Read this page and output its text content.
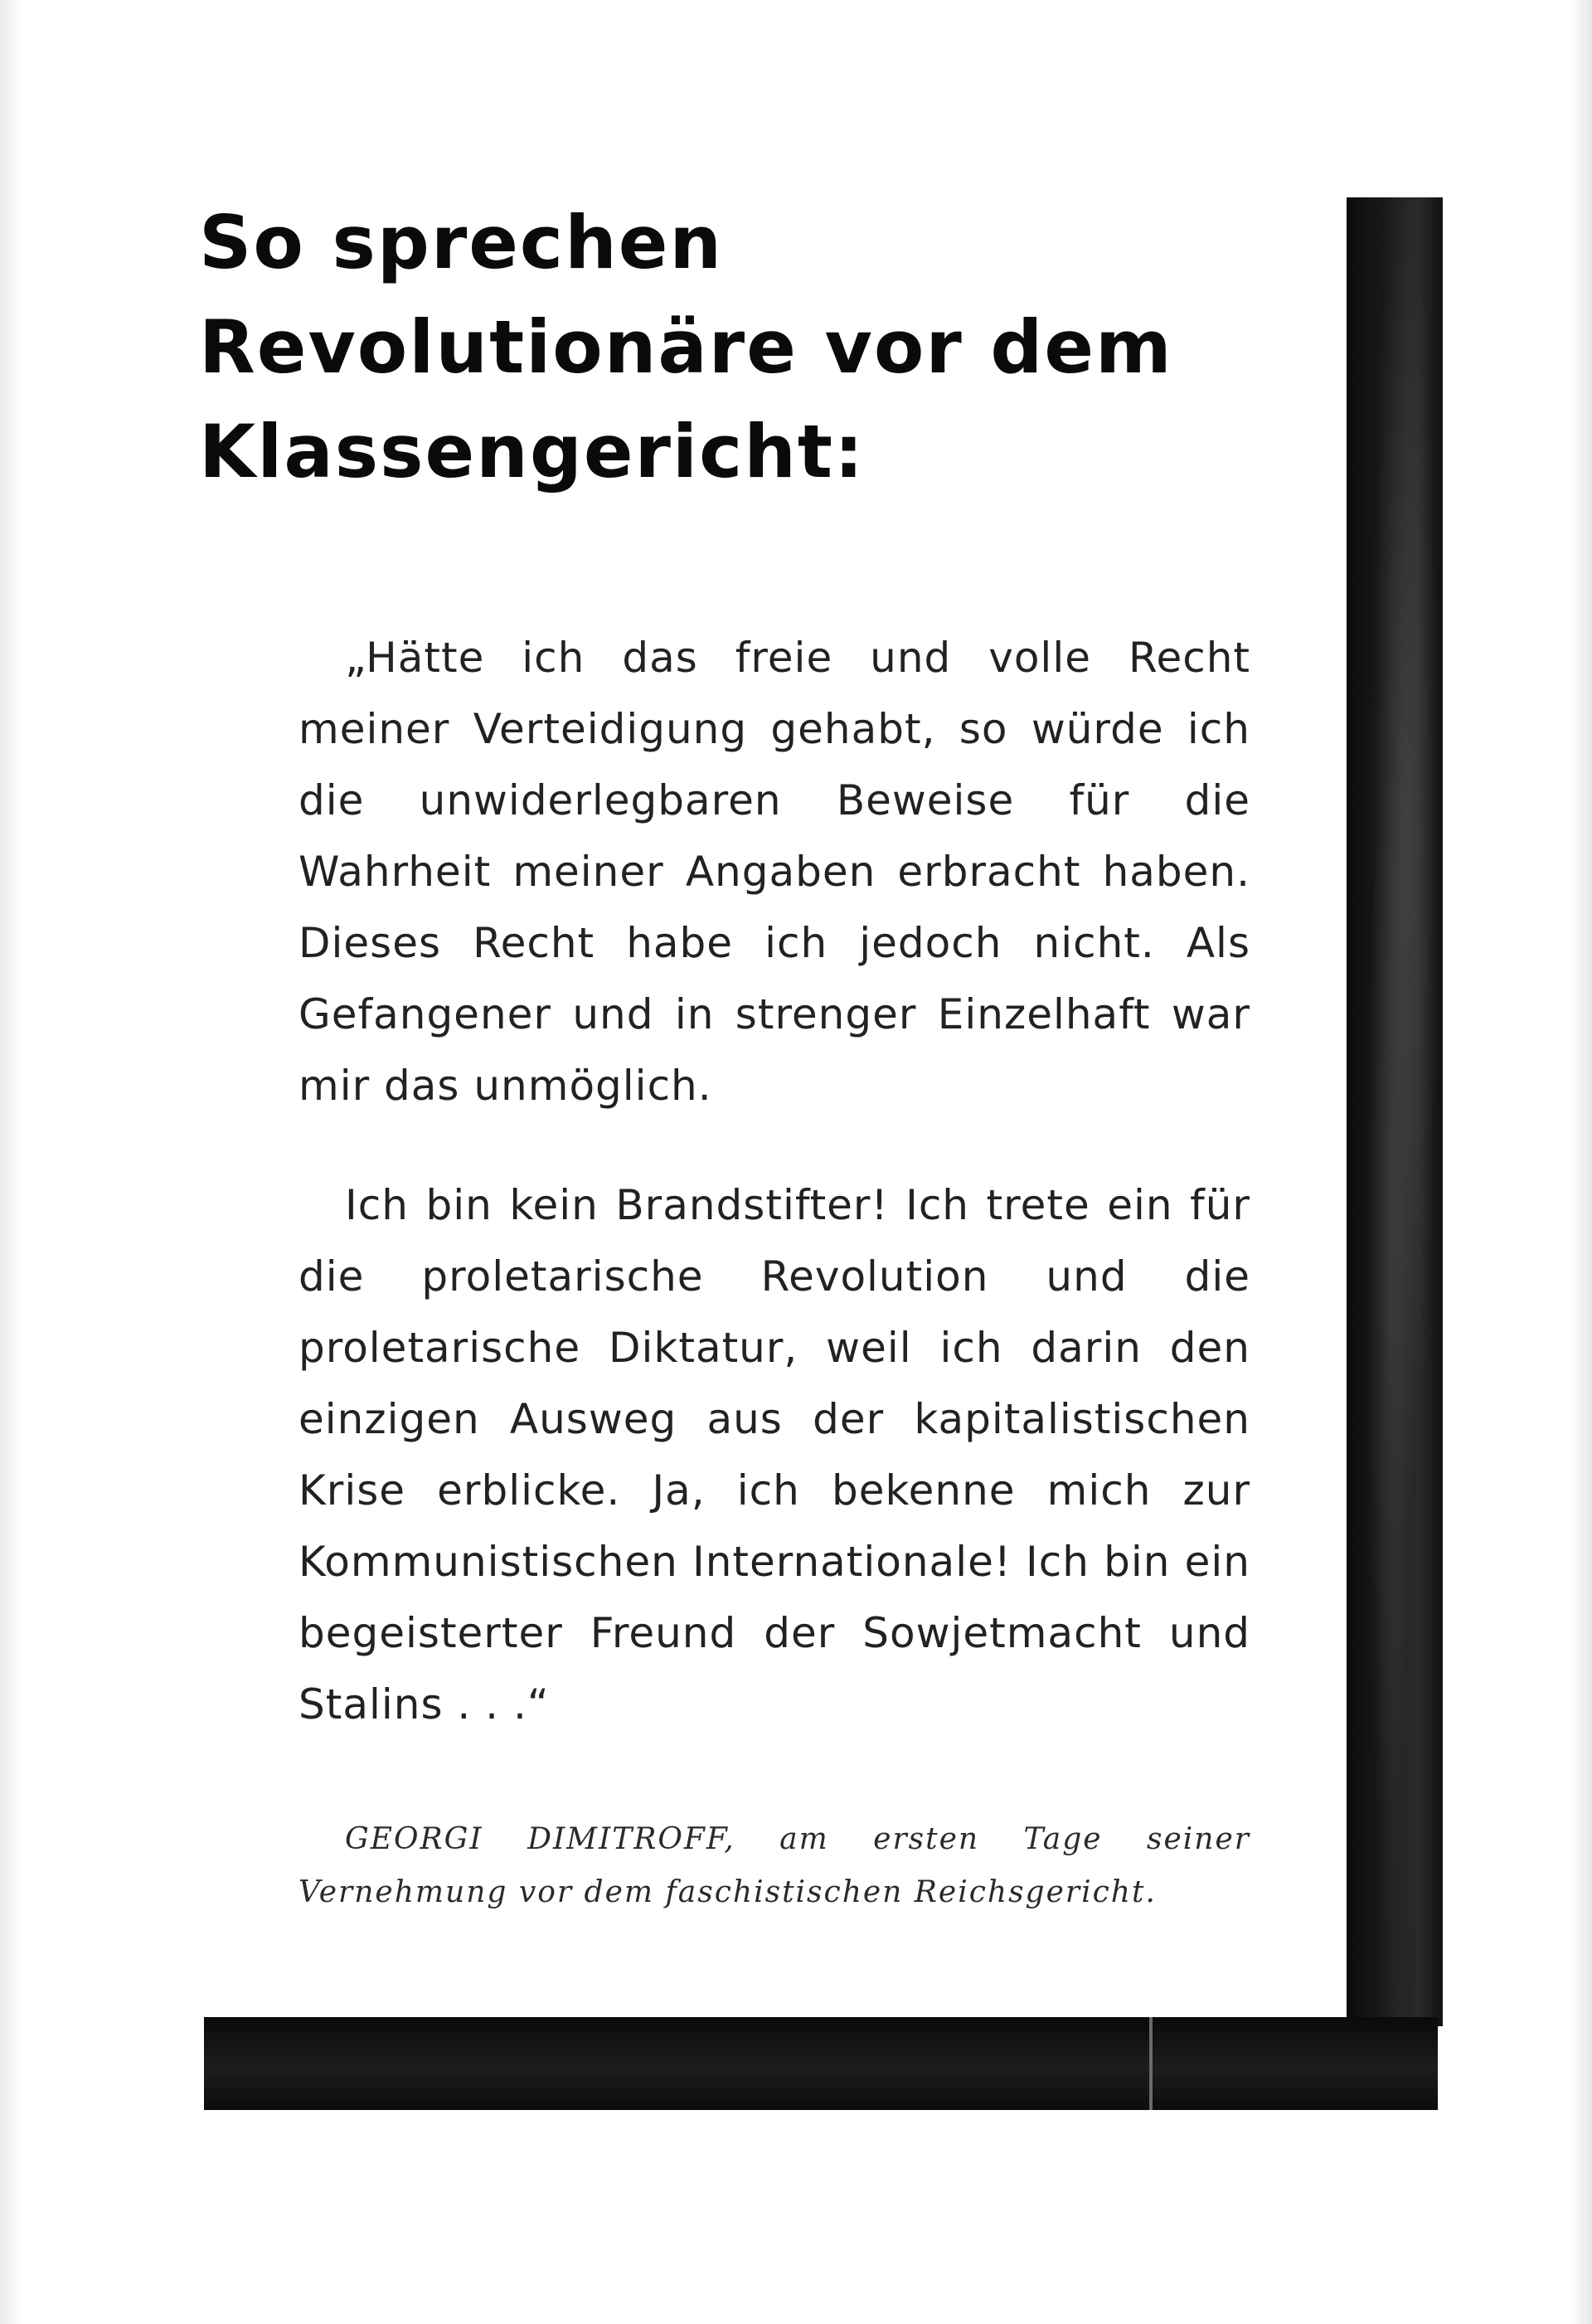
So sprechen
Revolutionäre vor dem
Klassengericht:

„Hätte ich das freie und volle Recht meiner Verteidigung gehabt, so würde ich die unwiderlegbaren Beweise für die Wahrheit meiner Angaben erbracht haben. Dieses Recht habe ich jedoch nicht. Als Gefangener und in strenger Einzelhaft war mir das unmöglich.

Ich bin kein Brandstifter! Ich trete ein für die proletarische Revolution und die proletarische Diktatur, weil ich darin den einzigen Ausweg aus der kapitalistischen Krise erblicke. Ja, ich bekenne mich zur Kommunistischen Internationale! Ich bin ein begeisterter Freund der Sowjetmacht und Stalins . . .“

GEORGI DIMITROFF, am ersten Tage seiner Vernehmung vor dem faschistischen Reichsgericht.
